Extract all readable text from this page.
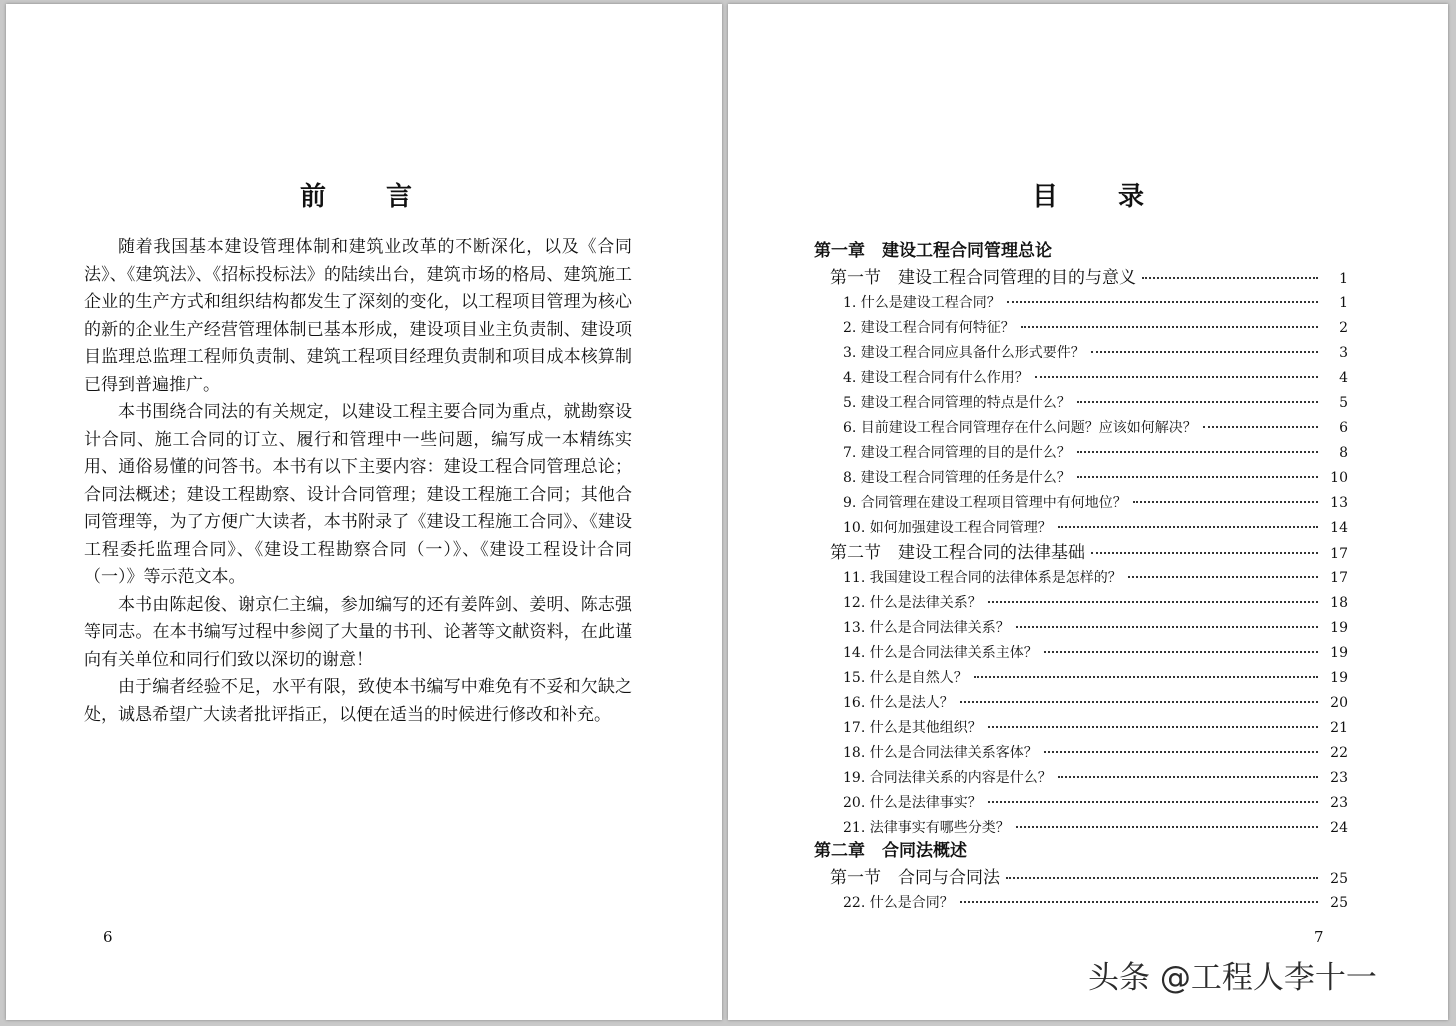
前 言

随着我国基本建设管理体制和建筑业改革的不断深化，以及《合同法》、《建筑法》、《招标投标法》的陆续出台，建筑市场的格局、建筑施工企业的生产方式和组织结构都发生了深刻的变化，以工程项目管理为核心的新的企业生产经营管理体制已基本形成，建设项目业主负责制、建设项目监理总监理工程师负责制、建筑工程项目经理负责制和项目成本核算制已得到普遍推广。

本书围绕合同法的有关规定，以建设工程主要合同为重点，就勘察设计合同、施工合同的订立、履行和管理中一些问题，编写成一本精练实用、通俗易懂的问答书。本书有以下主要内容：建设工程合同管理总论；合同法概述；建设工程勘察、设计合同管理；建设工程施工合同；其他合同管理等，为了方便广大读者，本书附录了《建设工程施工合同》、《建设工程委托监理合同》、《建设工程勘察合同（一）》、《建设工程设计合同（一）》等示范文本。

本书由陈起俊、谢京仁主编，参加编写的还有姜阵剑、姜明、陈志强等同志。在本书编写过程中参阅了大量的书刊、论著等文献资料，在此谨向有关单位和同行们致以深切的谢意！

由于编者经验不足，水平有限，致使本书编写中难免有不妥和欠缺之处，诚恳希望广大读者批评指正，以便在适当的时候进行修改和补充。

6
目 录
第一章　建设工程合同管理总论
第一节　建设工程合同管理的目的与意义	1
1. 什么是建设工程合同？	1
2. 建设工程合同有何特征？	2
3. 建设工程合同应具备什么形式要件？	3
4. 建设工程合同有什么作用？	4
5. 建设工程合同管理的特点是什么？	5
6. 目前建设工程合同管理存在什么问题？应该如何解决？	6
7. 建设工程合同管理的目的是什么？	8
8. 建设工程合同管理的任务是什么？	10
9. 合同管理在建设工程项目管理中有何地位？	13
10. 如何加强建设工程合同管理？	14
第二节　建设工程合同的法律基础	17
11. 我国建设工程合同的法律体系是怎样的？	17
12. 什么是法律关系？	18
13. 什么是合同法律关系？	19
14. 什么是合同法律关系主体？	19
15. 什么是自然人？	19
16. 什么是法人？	20
17. 什么是其他组织？	21
18. 什么是合同法律关系客体？	22
19. 合同法律关系的内容是什么？	23
20. 什么是法律事实？	23
21. 法律事实有哪些分类？	24
第二章　合同法概述
第一节　合同与合同法	25
22. 什么是合同？	25
7
头条 @工程人李十一
